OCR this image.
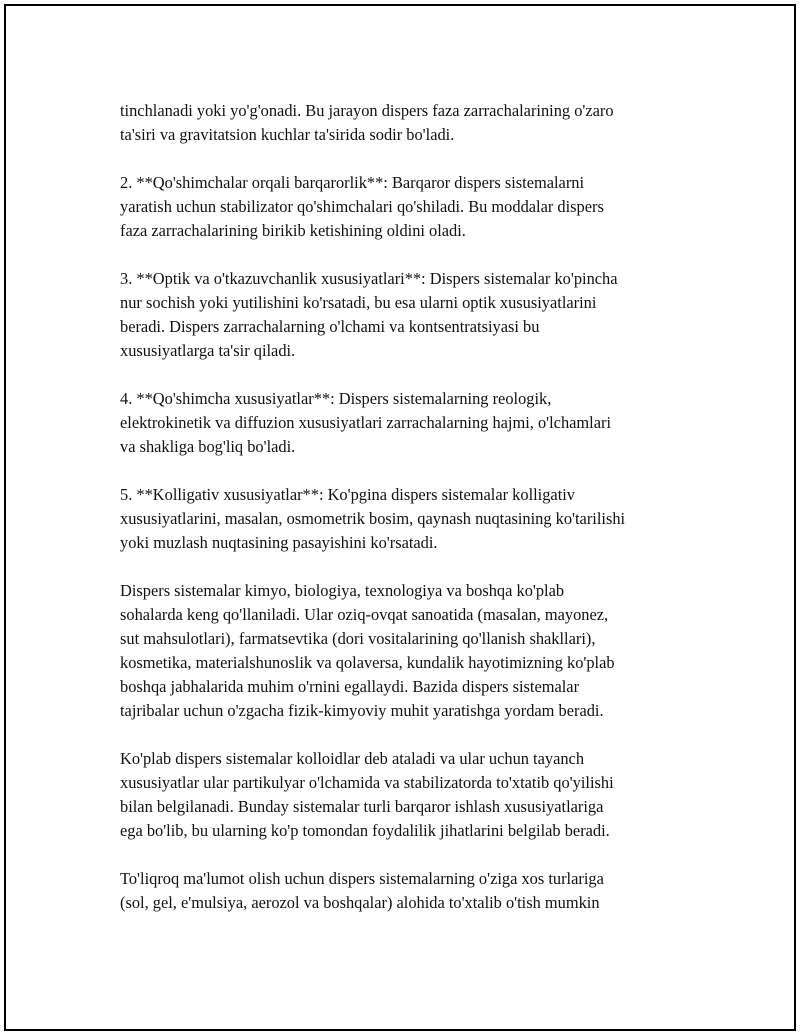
tinchlanadi yoki yo'g'onadi. Bu jarayon dispers faza zarrachalarining o'zaro
ta'siri va gravitatsion kuchlar ta'sirida sodir bo'ladi.
2. **Qo'shimchalar orqali barqarorlik**: Barqaror dispers sistemalarni
yaratish uchun stabilizator qo'shimchalari qo'shiladi. Bu moddalar dispers
faza zarrachalarining birikib ketishining oldini oladi.
3. **Optik va o'tkazuvchanlik xususiyatlari**: Dispers sistemalar ko'pincha
nur sochish yoki yutilishini ko'rsatadi, bu esa ularni optik xususiyatlarini
beradi. Dispers zarrachalarning o'lchami va kontsentratsiyasi bu
xususiyatlarga ta'sir qiladi.
4. **Qo'shimcha xususiyatlar**: Dispers sistemalarning reologik,
elektrokinetik va diffuzion xususiyatlari zarrachalarning hajmi, o'lchamlari
va shakliga bog'liq bo'ladi.
5. **Kolligativ xususiyatlar**: Ko'pgina dispers sistemalar kolligativ
xususiyatlarini, masalan, osmometrik bosim, qaynash nuqtasining ko'tarilishi
yoki muzlash nuqtasining pasayishini ko'rsatadi.
Dispers sistemalar kimyo, biologiya, texnologiya va boshqa ko'plab
sohalarda keng qo'llaniladi. Ular oziq-ovqat sanoatida (masalan, mayonez,
sut mahsulotlari), farmatsevtika (dori vositalarining qo'llanish shakllari),
kosmetika, materialshunoslik va qolaversa, kundalik hayotimizning ko'plab
boshqa jabhalarida muhim o'rnini egallaydi. Bazida dispers sistemalar
tajribalar uchun o'zgacha fizik-kimyoviy muhit yaratishga yordam beradi.
Ko'plab dispers sistemalar kolloidlar deb ataladi va ular uchun tayanch
xususiyatlar ular partikulyar o'lchamida va stabilizatorda to'xtatib qo'yilishi
bilan belgilanadi. Bunday sistemalar turli barqaror ishlash xususiyatlariga
ega bo'lib, bu ularning ko'p tomondan foydalilik jihatlarini belgilab beradi.
To'liqroq ma'lumot olish uchun dispers sistemalarning o'ziga xos turlariga
(sol, gel, e'mulsiya, aerozol va boshqalar) alohida to'xtalib o'tish mumkin
